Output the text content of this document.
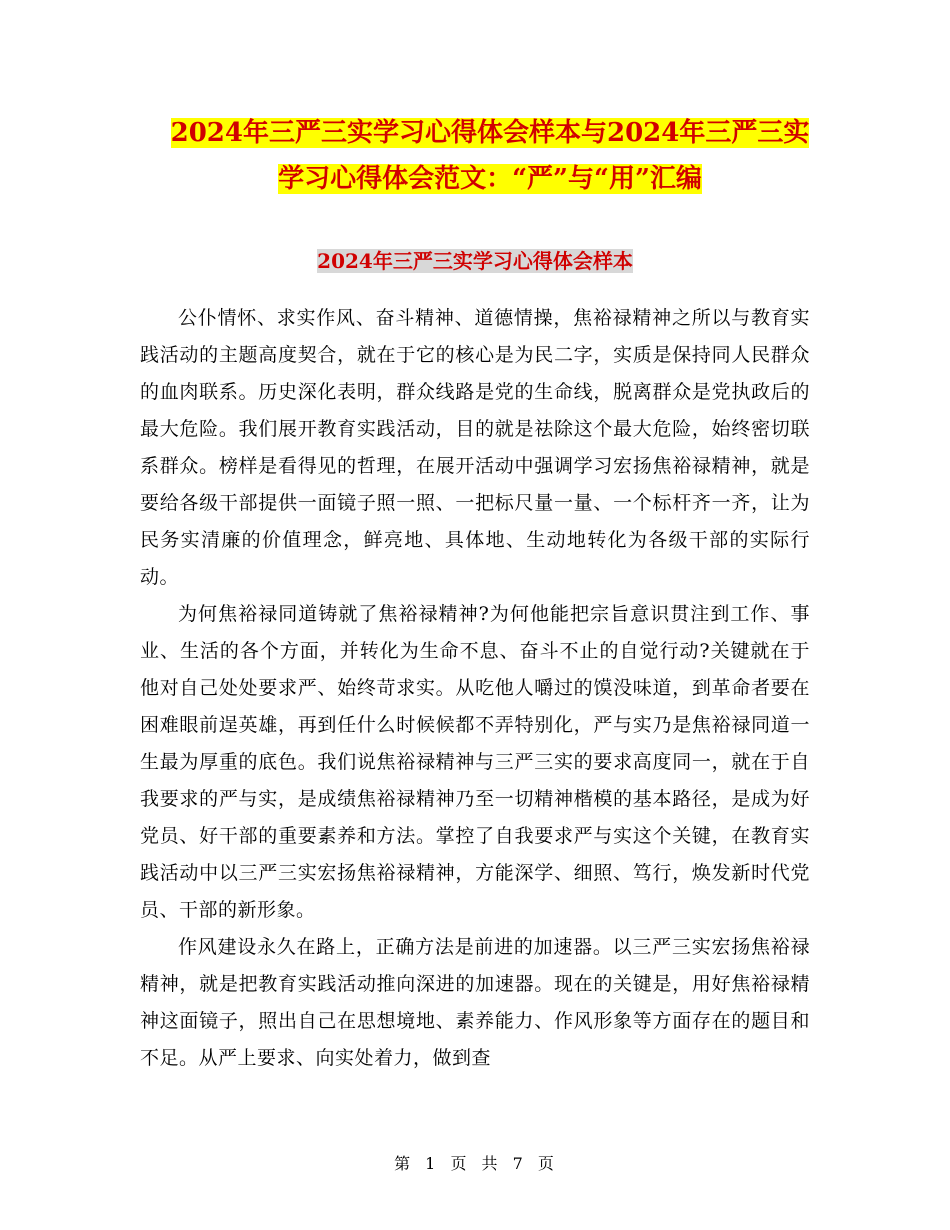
2024年三严三实学习心得体会样本与2024年三严三实
学习心得体会范文：“严”与“用”汇编
2024年三严三实学习心得体会样本

公仆情怀、求实作风、奋斗精神、道德情操，焦裕禄精神之所以与教育实践活动的主题高度契合，就在于它的核心是为民二字，实质是保持同人民群众的血肉联系。历史深化表明，群众线路是党的生命线，脱离群众是党执政后的最大危险。我们展开教育实践活动，目的就是祛除这个最大危险，始终密切联系群众。榜样是看得见的哲理，在展开活动中强调学习宏扬焦裕禄精神，就是要给各级干部提供一面镜子照一照、一把标尺量一量、一个标杆齐一齐，让为民务实清廉的价值理念，鲜亮地、具体地、生动地转化为各级干部的实际行动。

为何焦裕禄同道铸就了焦裕禄精神?为何他能把宗旨意识贯注到工作、事业、生活的各个方面，并转化为生命不息、奋斗不止的自觉行动?关键就在于他对自己处处要求严、始终苛求实。从吃他人嚼过的馍没味道，到革命者要在困难眼前逞英雄，再到任什么时候候都不弄特别化，严与实乃是焦裕禄同道一生最为厚重的底色。我们说焦裕禄精神与三严三实的要求高度同一，就在于自我要求的严与实，是成绩焦裕禄精神乃至一切精神楷模的基本路径，是成为好党员、好干部的重要素养和方法。掌控了自我要求严与实这个关键，在教育实践活动中以三严三实宏扬焦裕禄精神，方能深学、细照、笃行，焕发新时代党员、干部的新形象。

作风建设永久在路上，正确方法是前进的加速器。以三严三实宏扬焦裕禄精神，就是把教育实践活动推向深进的加速器。现在的关键是，用好焦裕禄精神这面镜子，照出自己在思想境地、素养能力、作风形象等方面存在的题目和不足。从严上要求、向实处着力，做到查

第 1 页 共 7 页
